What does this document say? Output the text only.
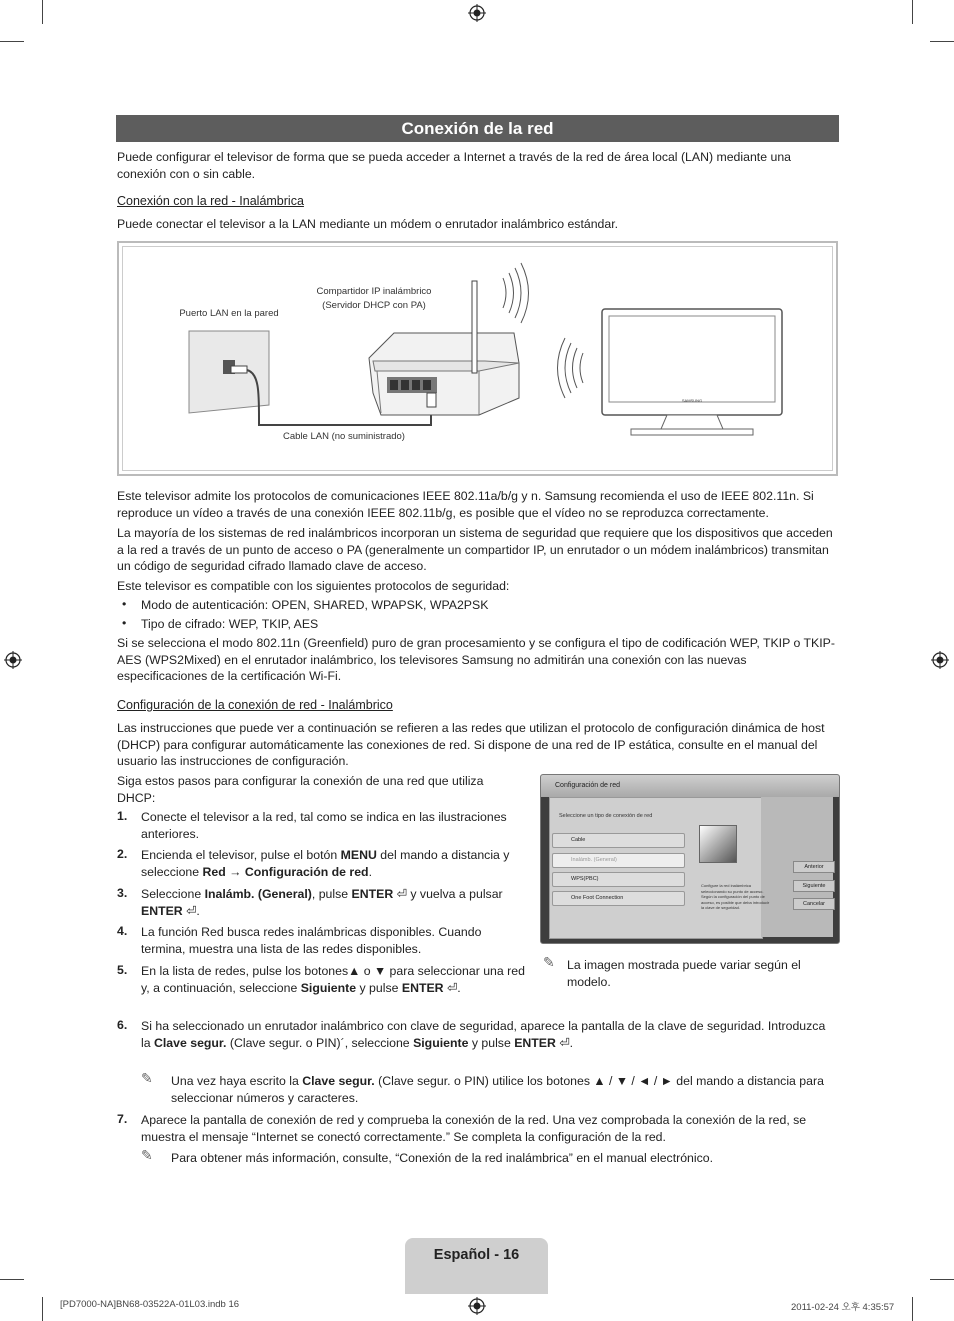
Conexión de la red
Puede configurar el televisor de forma que se pueda acceder a Internet a través de la red de área local (LAN) mediante una conexión con o sin cable.
Conexión con la red - Inalámbrica
Puede conectar el televisor a la LAN mediante un módem o enrutador inalámbrico estándar.
Puerto LAN en la pared
Compartidor IP inalámbrico
(Servidor DHCP con PA)
Cable LAN (no suministrado)
SAMSUNG
Este televisor admite los protocolos de comunicaciones IEEE 802.11a/b/g y n. Samsung recomienda el uso de IEEE 802.11n. Si reproduce un vídeo a través de una conexión IEEE 802.11b/g, es posible que el vídeo no se reproduzca correctamente.
La mayoría de los sistemas de red inalámbricos incorporan un sistema de seguridad que requiere que los dispositivos que acceden a la red a través de un punto de acceso o PA (generalmente un compartidor IP, un enrutador o un módem inalámbricos) transmitan un código de seguridad cifrado llamado clave de acceso.
Este televisor es compatible con los siguientes protocolos de seguridad:
• Modo de autenticación: OPEN, SHARED, WPAPSK, WPA2PSK
• Tipo de cifrado: WEP, TKIP, AES
Si se selecciona el modo 802.11n (Greenfield) puro de gran procesamiento y se configura el tipo de codificación WEP, TKIP o TKIP-AES (WPS2Mixed) en el enrutador inalámbrico, los televisores Samsung no admitirán una conexión con las nuevas especificaciones de la certificación Wi-Fi.
Configuración de la conexión de red - Inalámbrico
Las instrucciones que puede ver a continuación se refieren a las redes que utilizan el protocolo de configuración dinámica de host (DHCP) para configurar automáticamente las conexiones de red. Si dispone de una red de IP estática, consulte en el manual del usuario las instrucciones de configuración.
Siga estos pasos para configurar la conexión de una red que utiliza DHCP:
1. Conecte el televisor a la red, tal como se indica en las ilustraciones anteriores.
2. Encienda el televisor, pulse el botón MENU del mando a distancia y seleccione Red → Configuración de red.
3. Seleccione Inalámb. (General), pulse ENTER ⏎ y vuelva a pulsar ENTER ⏎.
4. La función Red busca redes inalámbricas disponibles. Cuando termina, muestra una lista de las redes disponibles.
5. En la lista de redes, pulse los botones▲ o ▼ para seleccionar una red y, a continuación, seleccione Siguiente y pulse ENTER ⏎.
6. Si ha seleccionado un enrutador inalámbrico con clave de seguridad, aparece la pantalla de la clave de seguridad. Introduzca la Clave segur. (Clave segur. o PIN)´, seleccione Siguiente y pulse ENTER ⏎.
✎ Una vez haya escrito la Clave segur. (Clave segur. o PIN) utilice los botones ▲ / ▼ / ◄ / ► del mando a distancia para seleccionar números y caracteres.
7. Aparece la pantalla de conexión de red y comprueba la conexión de la red. Una vez comprobada la conexión de la red, se muestra el mensaje “Internet se conectó correctamente.” Se completa la configuración de la red.
✎ Para obtener más información, consulte, “Conexión de la red inalámbrica” en el manual electrónico.
Configuración de red
Seleccione un tipo de conexión de red
Cable
Inalámb. (General)
WPS(PBC)
One Foot Connection
Configure la red inalámbrica seleccionando su punto de acceso. Según la configuración del punto de acceso, es posible que deba introducir la clave de seguridad.
Anterior
Siguiente
Cancelar
✎ La imagen mostrada puede variar según el modelo.
Español - 16
[PD7000-NA]BN68-03522A-01L03.indb 16	2011-02-24 오후 4:35:57
